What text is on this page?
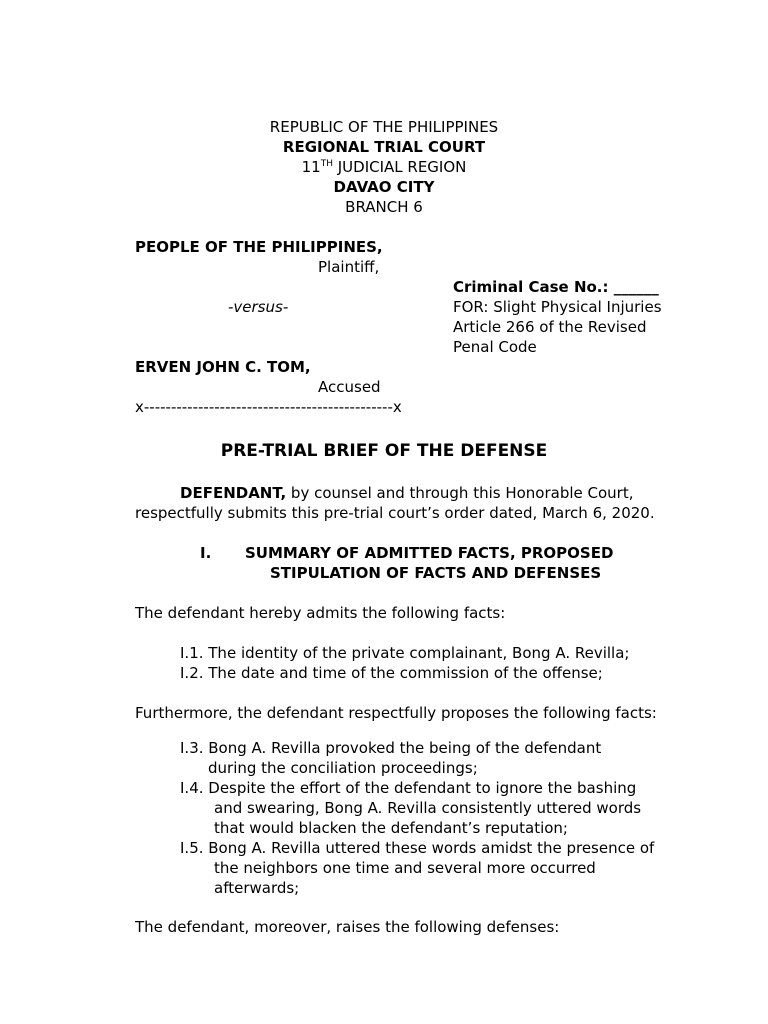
REPUBLIC OF THE PHILIPPINES
REGIONAL TRIAL COURT
11TH JUDICIAL REGION
DAVAO CITY
BRANCH 6
PEOPLE OF THE PHILIPPINES,
Plaintiff,
Criminal Case No.: ______
-versus-	FOR: Slight Physical Injuries
Article 266 of the Revised
Penal Code
ERVEN JOHN C. TOM,
Accused
x----------------------------------------------x
PRE-TRIAL BRIEF OF THE DEFENSE
DEFENDANT, by counsel and through this Honorable Court,
respectfully submits this pre-trial court’s order dated, March 6, 2020.
I. SUMMARY OF ADMITTED FACTS, PROPOSED
STIPULATION OF FACTS AND DEFENSES
The defendant hereby admits the following facts:
I.1. The identity of the private complainant, Bong A. Revilla;
I.2. The date and time of the commission of the offense;
Furthermore, the defendant respectfully proposes the following facts:
I.3. Bong A. Revilla provoked the being of the defendant
during the conciliation proceedings;
I.4. Despite the effort of the defendant to ignore the bashing
and swearing, Bong A. Revilla consistently uttered words
that would blacken the defendant’s reputation;
I.5. Bong A. Revilla uttered these words amidst the presence of
the neighbors one time and several more occurred
afterwards;
The defendant, moreover, raises the following defenses:
